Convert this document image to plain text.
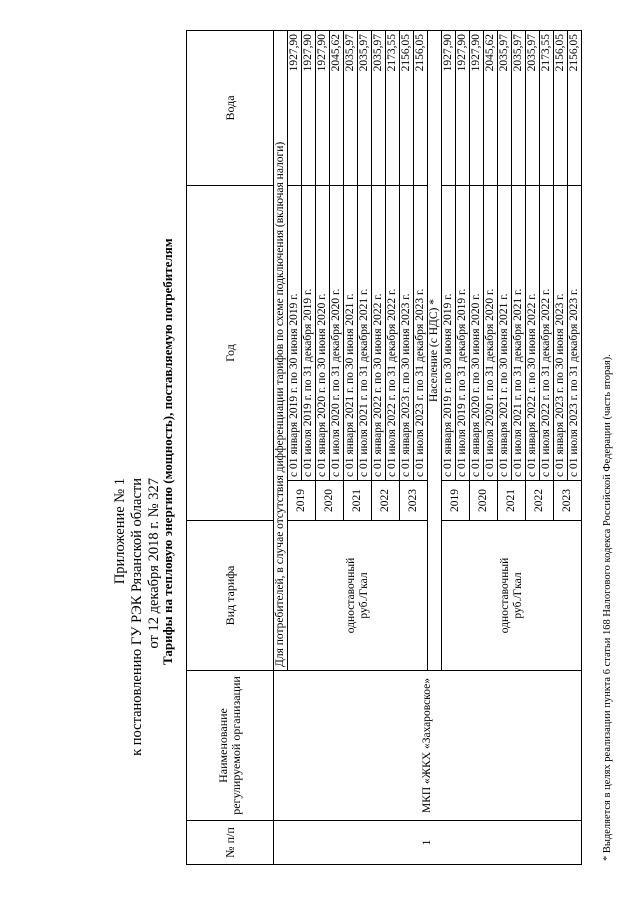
Приложение № 1 к постановлению ГУ РЭК Рязанской области от 12 декабря 2018 г. № 327
Тарифы на тепловую энергию (мощность), поставляемую потребителям
№ п/п	Наименование регулируемой организации	Вид тарифа	Год		Вода
1	МКП «ЖКХ «Захаровское»	Для потребителей, в случае отсутствия дифференциации тарифов по схеме подключения (включая налоги)			
		одноставочный
руб./Гкал	2019	с 01 января 2019 г. по 30 июня 2019 г.	1927,90
				с 01 июля 2019 г. по 31 декабря 2019 г.	1927,90
			2020	с 01 января 2020 г. по 30 июня 2020 г.	1927,90
				с 01 июля 2020 г. по 31 декабря 2020 г.	2045,62
			2021	с 01 января 2021 г. по 30 июня 2021 г.	2035,97
				с 01 июля 2021 г. по 31 декабря 2021 г.	2035,97
			2022	с 01 января 2022 г. по 30 июня 2022 г.	2035,97
				с 01 июля 2022 г. по 31 декабря 2022 г.	2173,55
			2023	с 01 января 2023 г. по 30 июня 2023 г.	2156,05
				с 01 июля 2023 г. по 31 декабря 2023 г.	2156,05
		Население (с НДС) *			
		одноставочный
руб./Гкал	2019	с 01 января 2019 г. по 30 июня 2019 г.	1927,90
				с 01 июля 2019 г. по 31 декабря 2019 г.	1927,90
			2020	с 01 января 2020 г. по 30 июня 2020 г.	1927,90
				с 01 июля 2020 г. по 31 декабря 2020 г.	2045,62
			2021	с 01 января 2021 г. по 30 июня 2021 г.	2035,97
				с 01 июля 2021 г. по 31 декабря 2021 г.	2035,97
			2022	с 01 января 2022 г. по 30 июня 2022 г.	2035,97
				с 01 июля 2022 г. по 31 декабря 2022 г.	2173,55
			2023	с 01 января 2023 г. по 30 июня 2023 г.	2156,05
				с 01 июля 2023 г. по 31 декабря 2023 г.	2156,05
* Выделяется в целях реализации пункта 6 статьи 168 Налогового кодекса Российской Федерации (часть вторая).
